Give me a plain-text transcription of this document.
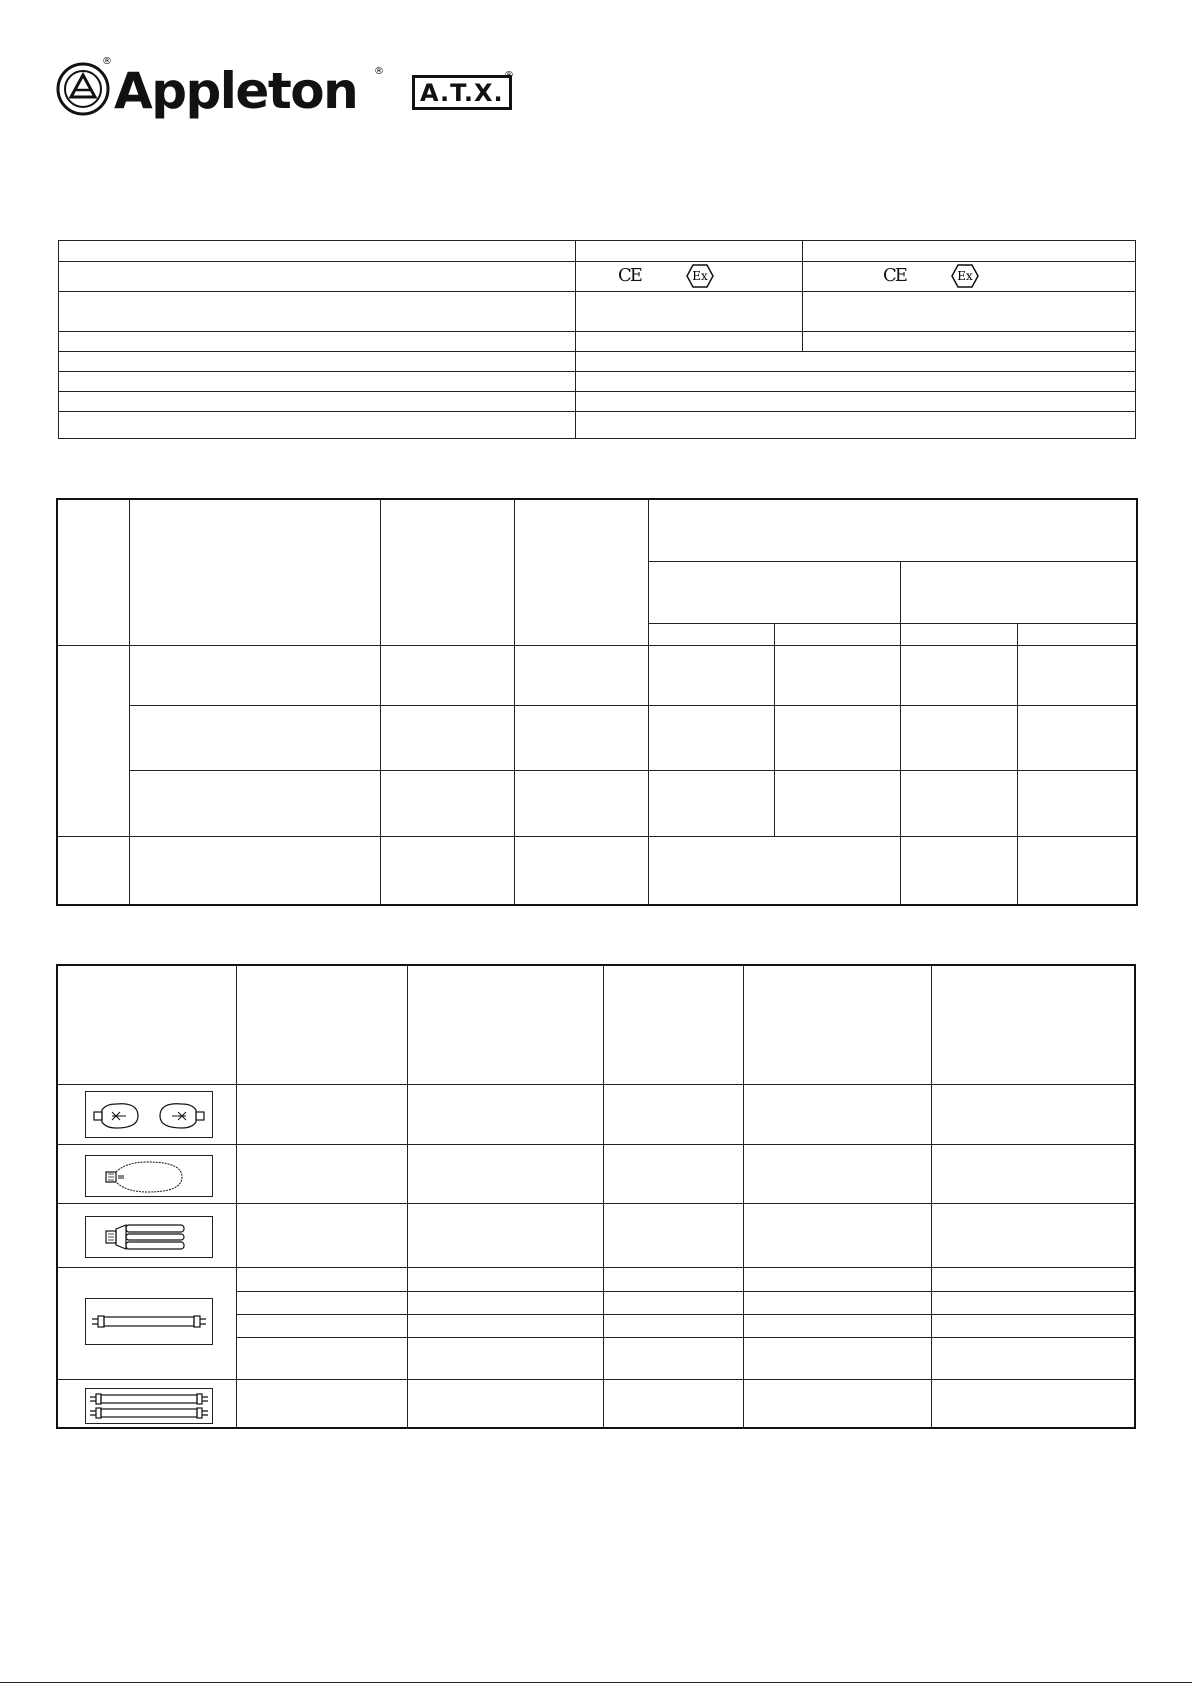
®
Appleton ®
A.T.X.
®

	CE Ex	CE Ex
